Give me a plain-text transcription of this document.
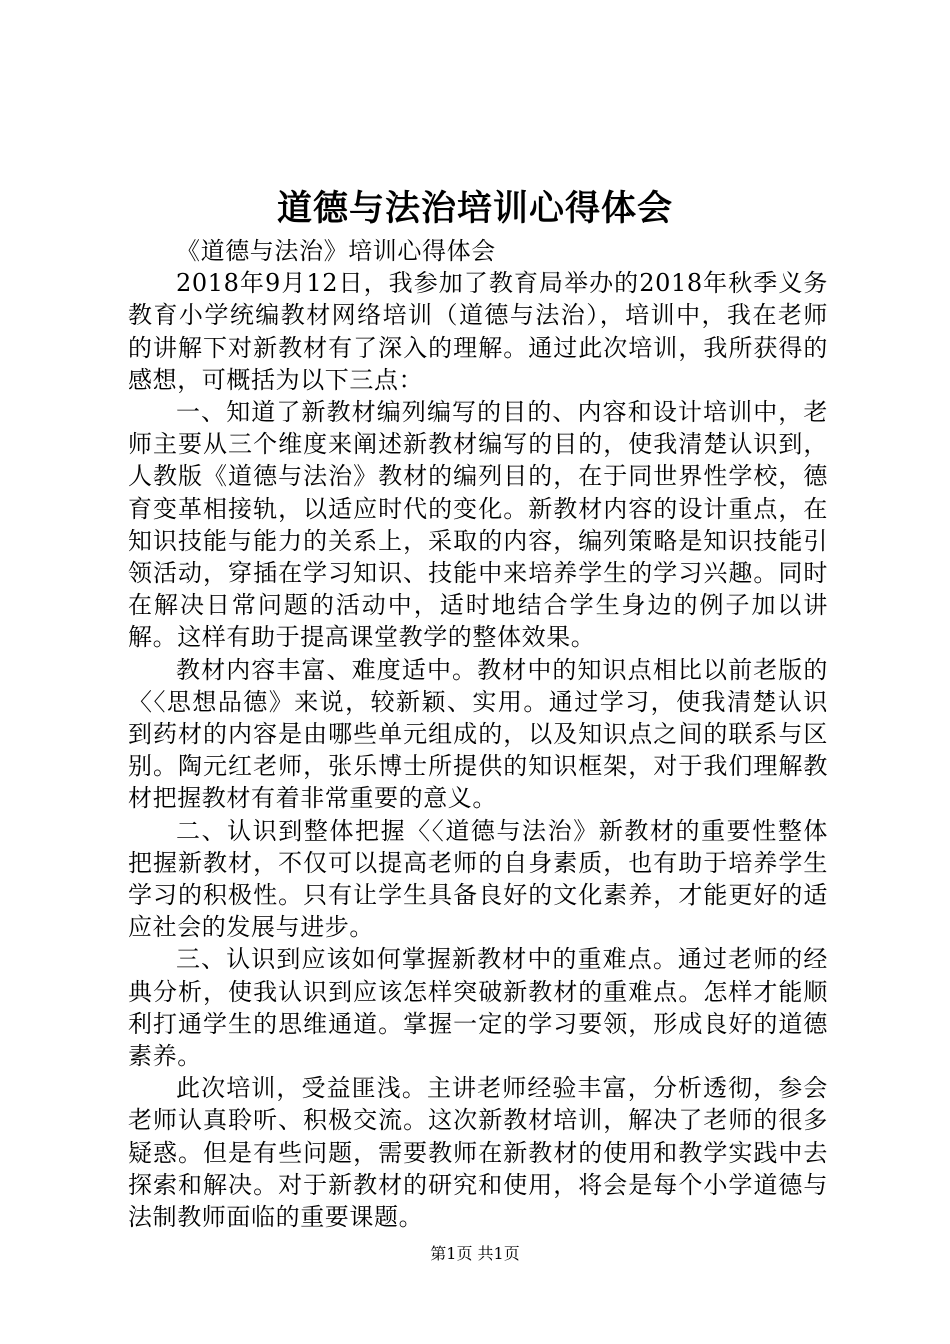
道德与法治培训心得体会

《道德与法治》培训心得体会

2018年9月12日，我参加了教育局举办的2018年秋季义务教育小学统编教材网络培训（道德与法治），培训中，我在老师的讲解下对新教材有了深入的理解。通过此次培训，我所获得的感想，可概括为以下三点：

一、知道了新教材编列编写的目的、内容和设计培训中，老师主要从三个维度来阐述新教材编写的目的，使我清楚认识到，人教版《道德与法治》教材的编列目的，在于同世界性学校，德育变革相接轨，以适应时代的变化。新教材内容的设计重点，在知识技能与能力的关系上，采取的内容，编列策略是知识技能引领活动，穿插在学习知识、技能中来培养学生的学习兴趣。同时在解决日常问题的活动中，适时地结合学生身边的例子加以讲解。这样有助于提高课堂教学的整体效果。

教材内容丰富、难度适中。教材中的知识点相比以前老版的〈〈思想品德》来说，较新颖、实用。通过学习，使我清楚认识到药材的内容是由哪些单元组成的，以及知识点之间的联系与区别。陶元红老师，张乐博士所提供的知识框架，对于我们理解教材把握教材有着非常重要的意义。

二、认识到整体把握〈〈道德与法治》新教材的重要性整体把握新教材，不仅可以提高老师的自身素质，也有助于培养学生学习的积极性。只有让学生具备良好的文化素养，才能更好的适应社会的发展与进步。

三、认识到应该如何掌握新教材中的重难点。通过老师的经典分析，使我认识到应该怎样突破新教材的重难点。怎样才能顺利打通学生的思维通道。掌握一定的学习要领，形成良好的道德素养。

此次培训，受益匪浅。主讲老师经验丰富，分析透彻，参会老师认真聆听、积极交流。这次新教材培训，解决了老师的很多疑惑。但是有些问题，需要教师在新教材的使用和教学实践中去探索和解决。对于新教材的研究和使用，将会是每个小学道德与法制教师面临的重要课题。

第1页 共1页
